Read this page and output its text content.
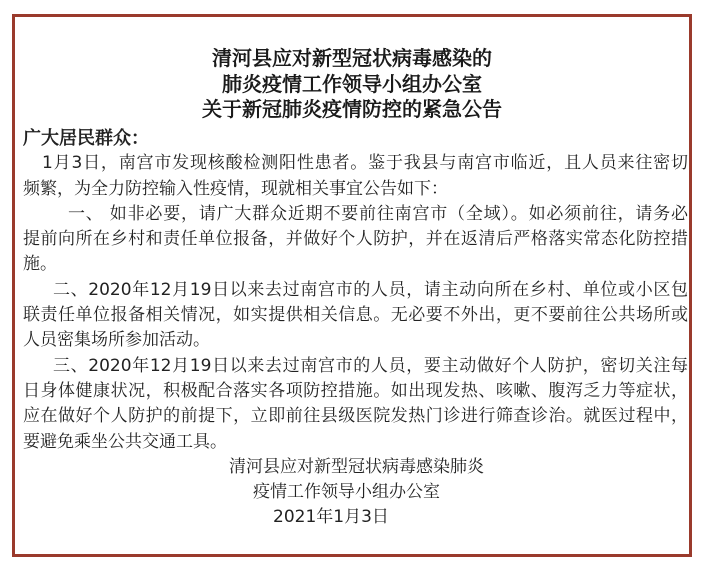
清河县应对新型冠状病毒感染的
肺炎疫情工作领导小组办公室
关于新冠肺炎疫情防控的紧急公告
广大居民群众：
1月3日，南宫市发现核酸检测阳性患者。鉴于我县与南宫市临近，且人员来往密切
频繁，为全力防控输入性疫情，现就相关事宜公告如下：
一、 如非必要，请广大群众近期不要前往南宫市（全域）。如必须前往，请务必
提前向所在乡村和责任单位报备，并做好个人防护，并在返清后严格落实常态化防控措
施。
二、2020年12月19日以来去过南宫市的人员，请主动向所在乡村、单位或小区包
联责任单位报备相关情况，如实提供相关信息。无必要不外出，更不要前往公共场所或
人员密集场所参加活动。
三、2020年12月19日以来去过南宫市的人员，要主动做好个人防护，密切关注每
日身体健康状况，积极配合落实各项防控措施。如出现发热、咳嗽、腹泻乏力等症状，
应在做好个人防护的前提下，立即前往县级医院发热门诊进行筛查诊治。就医过程中，
要避免乘坐公共交通工具。
清河县应对新型冠状病毒感染肺炎
疫情工作领导小组办公室
2021年1月3日
